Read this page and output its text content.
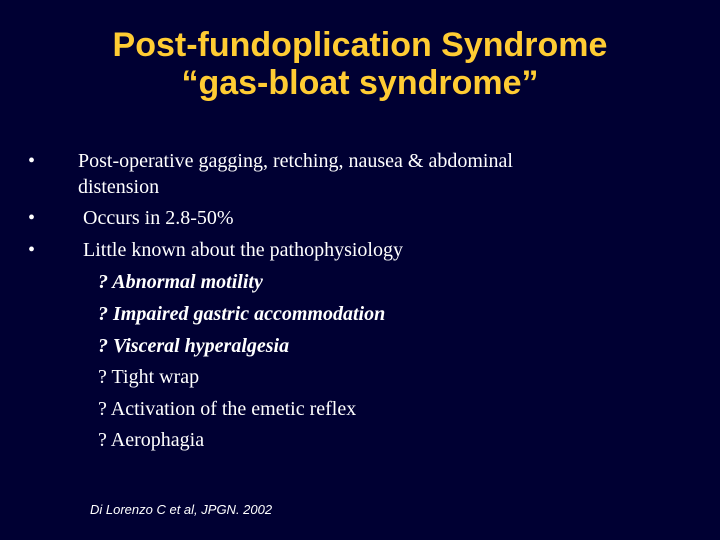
Post-fundoplication Syndrome
“gas-bloat syndrome”
• Post-operative gagging, retching, nausea & abdominal
distension
• Occurs in 2.8-50%
• Little known about the pathophysiology
? Abnormal motility
? Impaired gastric accommodation
? Visceral hyperalgesia
? Tight wrap
? Activation of the emetic reflex
? Aerophagia
Di Lorenzo C et al, JPGN. 2002
